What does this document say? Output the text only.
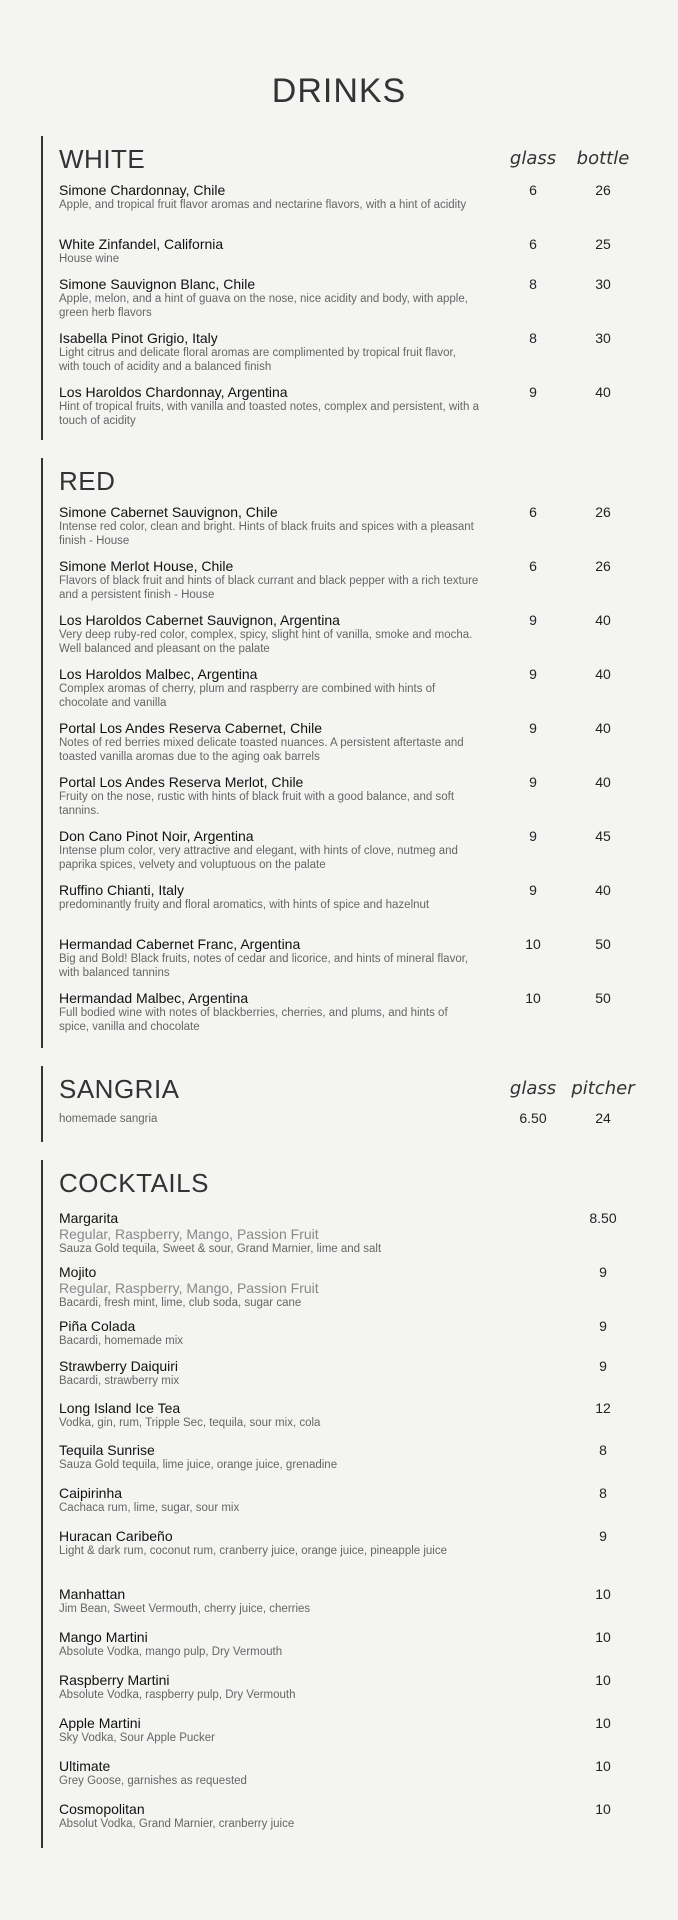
DRINKS
WHITE	glass	bottle
Simone Chardonnay, Chile
Apple, and tropical fruit flavor aromas and nectarine flavors, with a hint of acidity
6	26
White Zinfandel, California
House wine
6	25
Simone Sauvignon Blanc, Chile
Apple, melon, and a hint of guava on the nose, nice acidity and body, with apple, green herb flavors
8	30
Isabella Pinot Grigio, Italy
Light citrus and delicate floral aromas are complimented by tropical fruit flavor, with touch of acidity and a balanced finish
8	30
Los Haroldos Chardonnay, Argentina
Hint of tropical fruits, with vanilla and toasted notes, complex and persistent, with a touch of acidity
9	40
RED
Simone Cabernet Sauvignon, Chile
Intense red color, clean and bright. Hints of black fruits and spices with a pleasant finish - House
6	26
Simone Merlot House, Chile
Flavors of black fruit and hints of black currant and black pepper with a rich texture and a persistent finish - House
6	26
Los Haroldos Cabernet Sauvignon, Argentina
Very deep ruby-red color, complex, spicy, slight hint of vanilla, smoke and mocha. Well balanced and pleasant on the palate
9	40
Los Haroldos Malbec, Argentina
Complex aromas of cherry, plum and raspberry are combined with hints of chocolate and vanilla
9	40
Portal Los Andes Reserva Cabernet, Chile
Notes of red berries mixed delicate toasted nuances. A persistent aftertaste and toasted vanilla aromas due to the aging oak barrels
9	40
Portal Los Andes Reserva Merlot, Chile
Fruity on the nose, rustic with hints of black fruit with a good balance, and soft tannins.
9	40
Don Cano Pinot Noir, Argentina
Intense plum color, very attractive and elegant, with hints of clove, nutmeg and paprika spices, velvety and voluptuous on the palate
9	45
Ruffino Chianti, Italy
predominantly fruity and floral aromatics, with hints of spice and hazelnut
9	40
Hermandad Cabernet Franc, Argentina
Big and Bold! Black fruits, notes of cedar and licorice, and hints of mineral flavor, with balanced tannins
10	50
Hermandad Malbec, Argentina
Full bodied wine with notes of blackberries, cherries, and plums, and hints of spice, vanilla and chocolate
10	50
SANGRIA	glass pitcher
homemade sangria	6.50	24
COCKTAILS
Margarita
Regular, Raspberry, Mango, Passion Fruit
Sauza Gold tequila, Sweet & sour, Grand Marnier, lime and salt
8.50
Mojito
Regular, Raspberry, Mango, Passion Fruit
Bacardi, fresh mint, lime, club soda, sugar cane
9
Piña Colada
Bacardi, homemade mix
9
Strawberry Daiquiri
Bacardi, strawberry mix
9
Long Island Ice Tea
Vodka, gin, rum, Tripple Sec, tequila, sour mix, cola
12
Tequila Sunrise
Sauza Gold tequila, lime juice, orange juice, grenadine
8
Caipirinha
Cachaca rum, lime, sugar, sour mix
8
Huracan Caribeño
Light & dark rum, coconut rum, cranberry juice, orange juice, pineapple juice
9
Manhattan
Jim Bean, Sweet Vermouth, cherry juice, cherries
10
Mango Martini
Absolute Vodka, mango pulp, Dry Vermouth
10
Raspberry Martini
Absolute Vodka, raspberry pulp, Dry Vermouth
10
Apple Martini
Sky Vodka, Sour Apple Pucker
10
Ultimate
Grey Goose, garnishes as requested
10
Cosmopolitan
Absolut Vodka, Grand Marnier, cranberry juice
10
